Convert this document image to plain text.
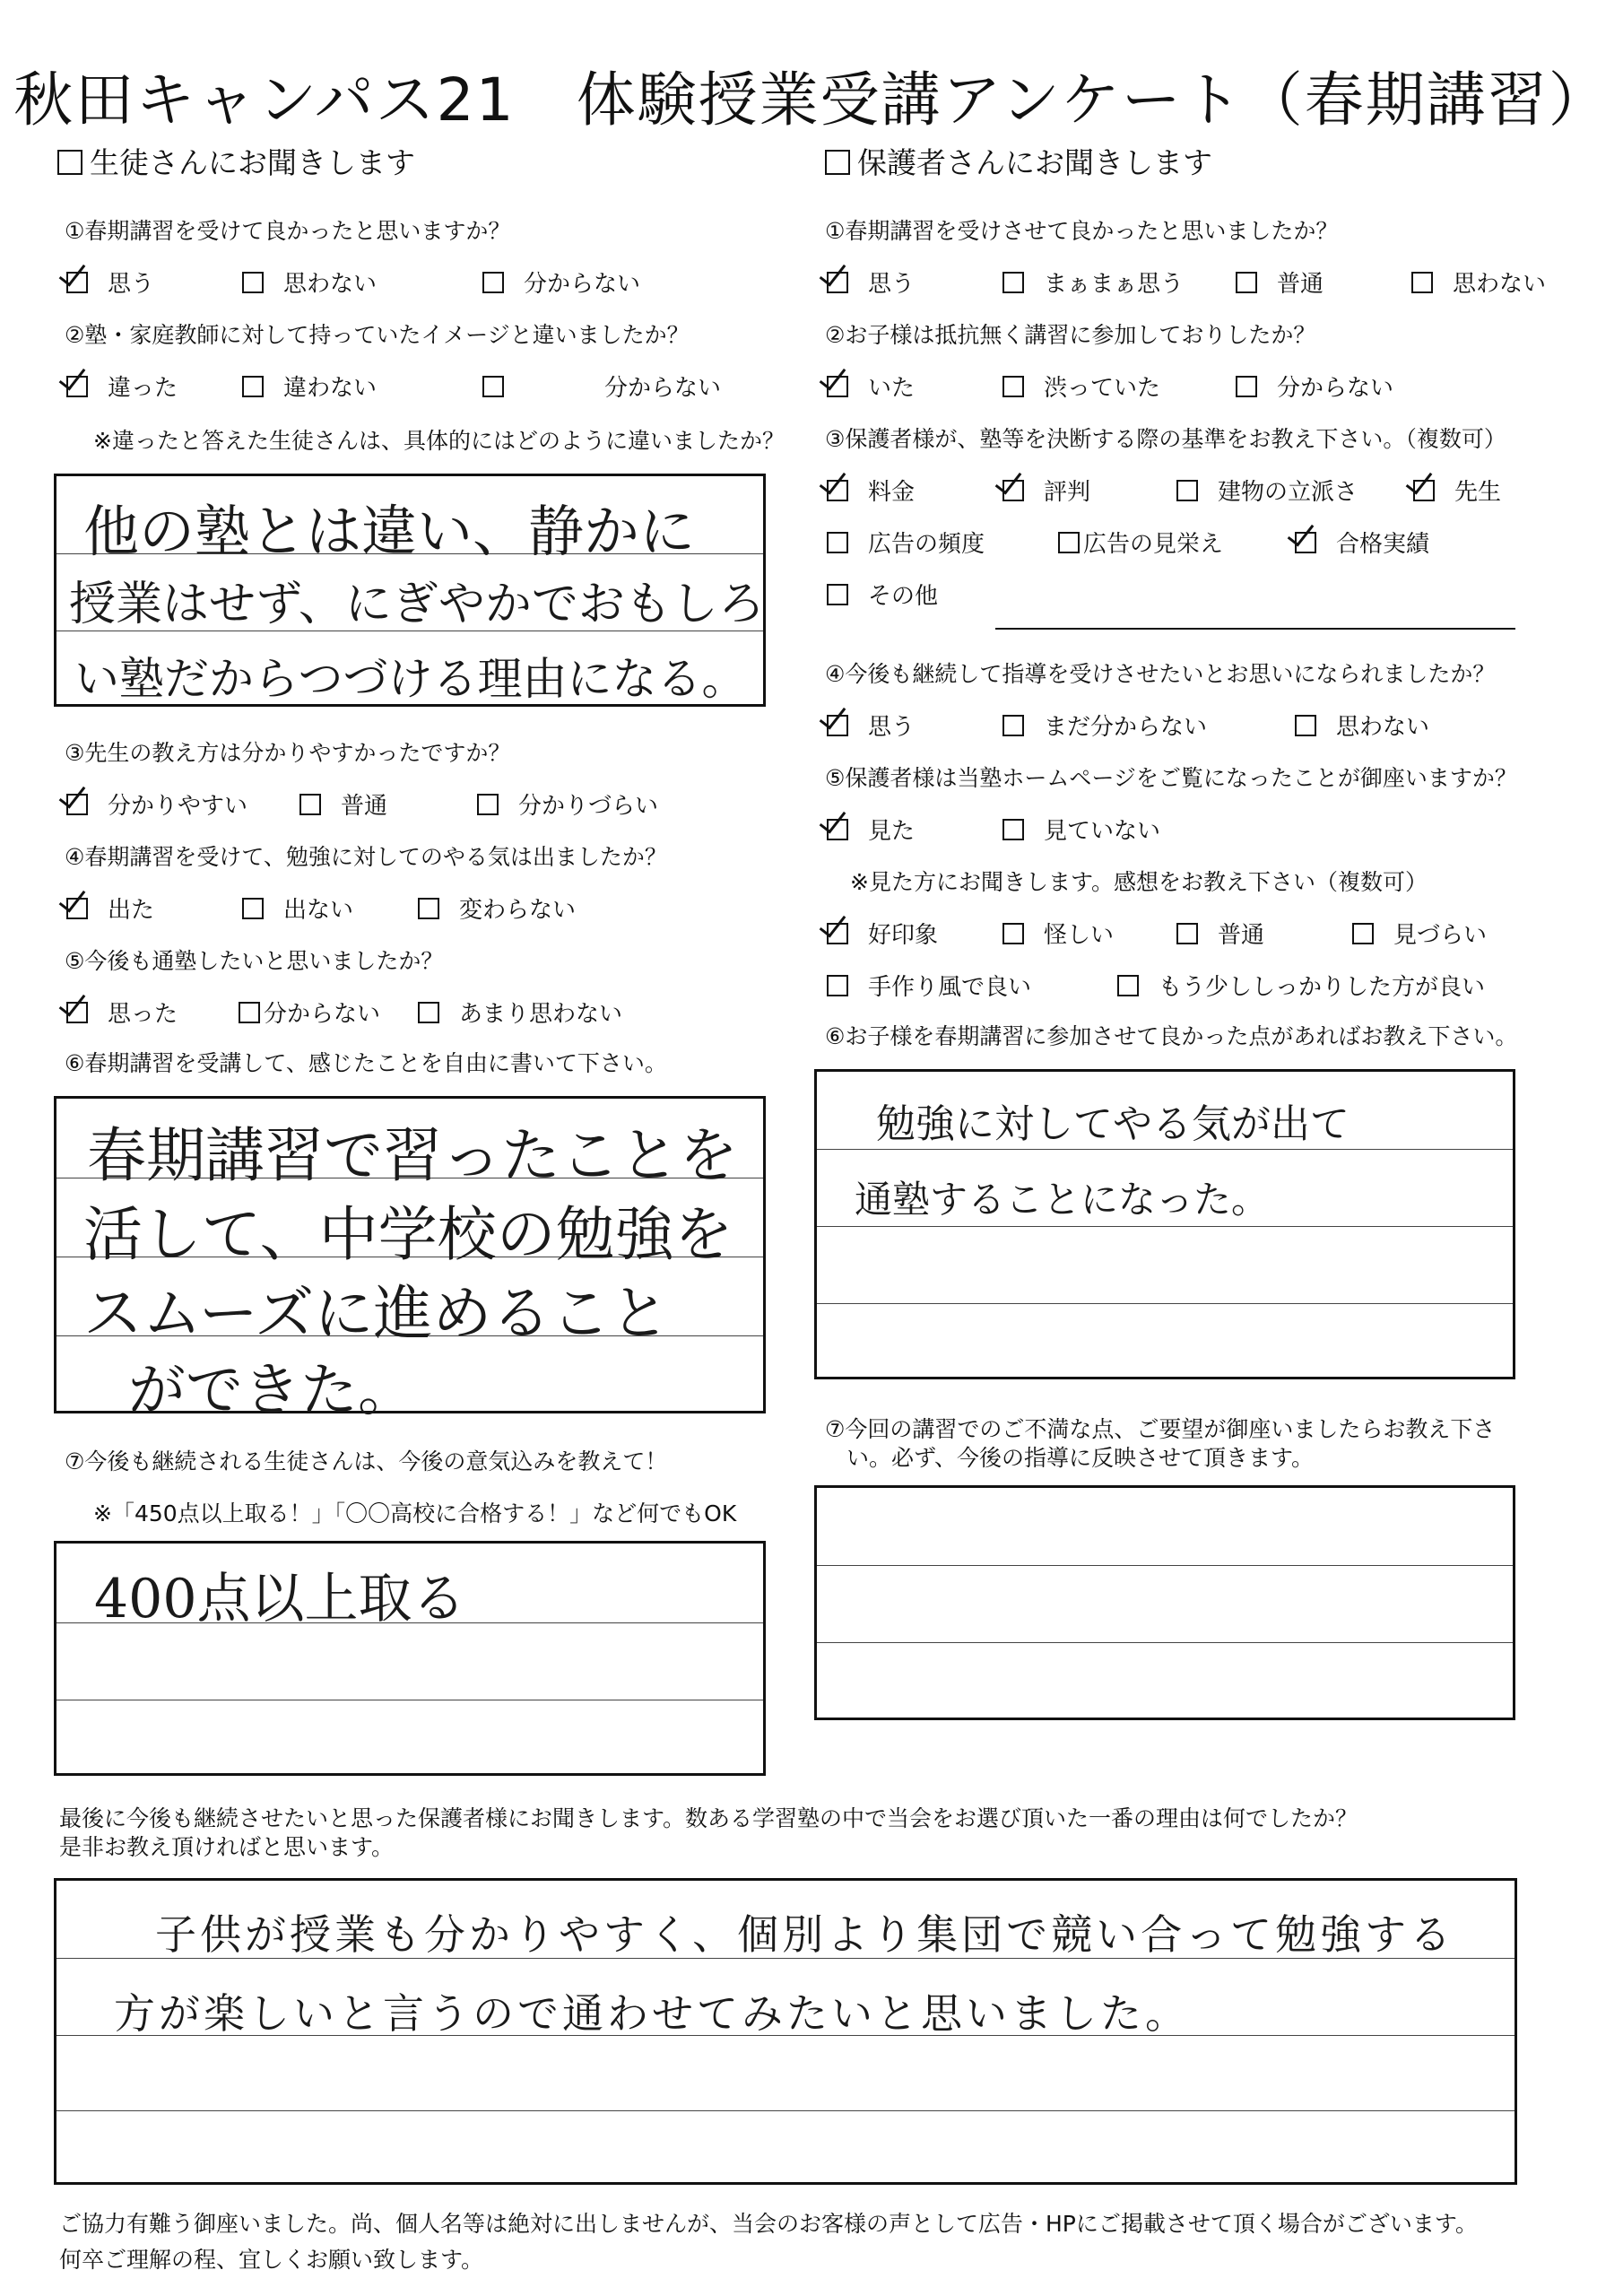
秋田キャンパス21　体験授業受講アンケート（春期講習）
生徒さんにお聞きします
①春期講習を受けて良かったと思いますか？
思う	思わない	分からない
②塾・家庭教師に対して持っていたイメージと違いましたか？
違った	違わない	分からない
※違ったと答えた生徒さんは、具体的にはどのように違いましたか？
他の塾とは違い、静かに
授業はせず、にぎやかでおもしろ
い塾だからつづける理由になる。
③先生の教え方は分かりやすかったですか？
分かりやすい	普通	分かりづらい
④春期講習を受けて、勉強に対してのやる気は出ましたか？
出た	出ない	変わらない
⑤今後も通塾したいと思いましたか？
思った	分からない	あまり思わない
⑥春期講習を受講して、感じたことを自由に書いて下さい。
春期講習で習ったことを
活して、中学校の勉強を
スムーズに進めること
ができた。
⑦今後も継続される生徒さんは、今後の意気込みを教えて！
※「450点以上取る！」「〇〇高校に合格する！」など何でもOK
400点以上取る
保護者さんにお聞きします
①春期講習を受けさせて良かったと思いましたか？
思う	まぁまぁ思う	普通	思わない
②お子様は抵抗無く講習に参加しておりしたか？
いた	渋っていた	分からない
③保護者様が、塾等を決断する際の基準をお教え下さい。（複数可）
料金	評判	建物の立派さ	先生
広告の頻度	広告の見栄え	合格実績
その他
④今後も継続して指導を受けさせたいとお思いになられましたか？
思う	まだ分からない	思わない
⑤保護者様は当塾ホームページをご覧になったことが御座いますか？
見た	見ていない
※見た方にお聞きします。感想をお教え下さい（複数可）
好印象	怪しい	普通	見づらい
手作り風で良い	もう少ししっかりした方が良い
⑥お子様を春期講習に参加させて良かった点があればお教え下さい。
勉強に対してやる気が出て
通塾することになった。
⑦今回の講習でのご不満な点、ご要望が御座いましたらお教え下さ
い。必ず、今後の指導に反映させて頂きます。
最後に今後も継続させたいと思った保護者様にお聞きします。数ある学習塾の中で当会をお選び頂いた一番の理由は何でしたか？
是非お教え頂ければと思います。
子供が授業も分かりやすく、個別より集団で競い合って勉強する
方が楽しいと言うので通わせてみたいと思いました。
ご協力有難う御座いました。尚、個人名等は絶対に出しませんが、当会のお客様の声として広告・HPにご掲載させて頂く場合がございます。
何卒ご理解の程、宜しくお願い致します。
